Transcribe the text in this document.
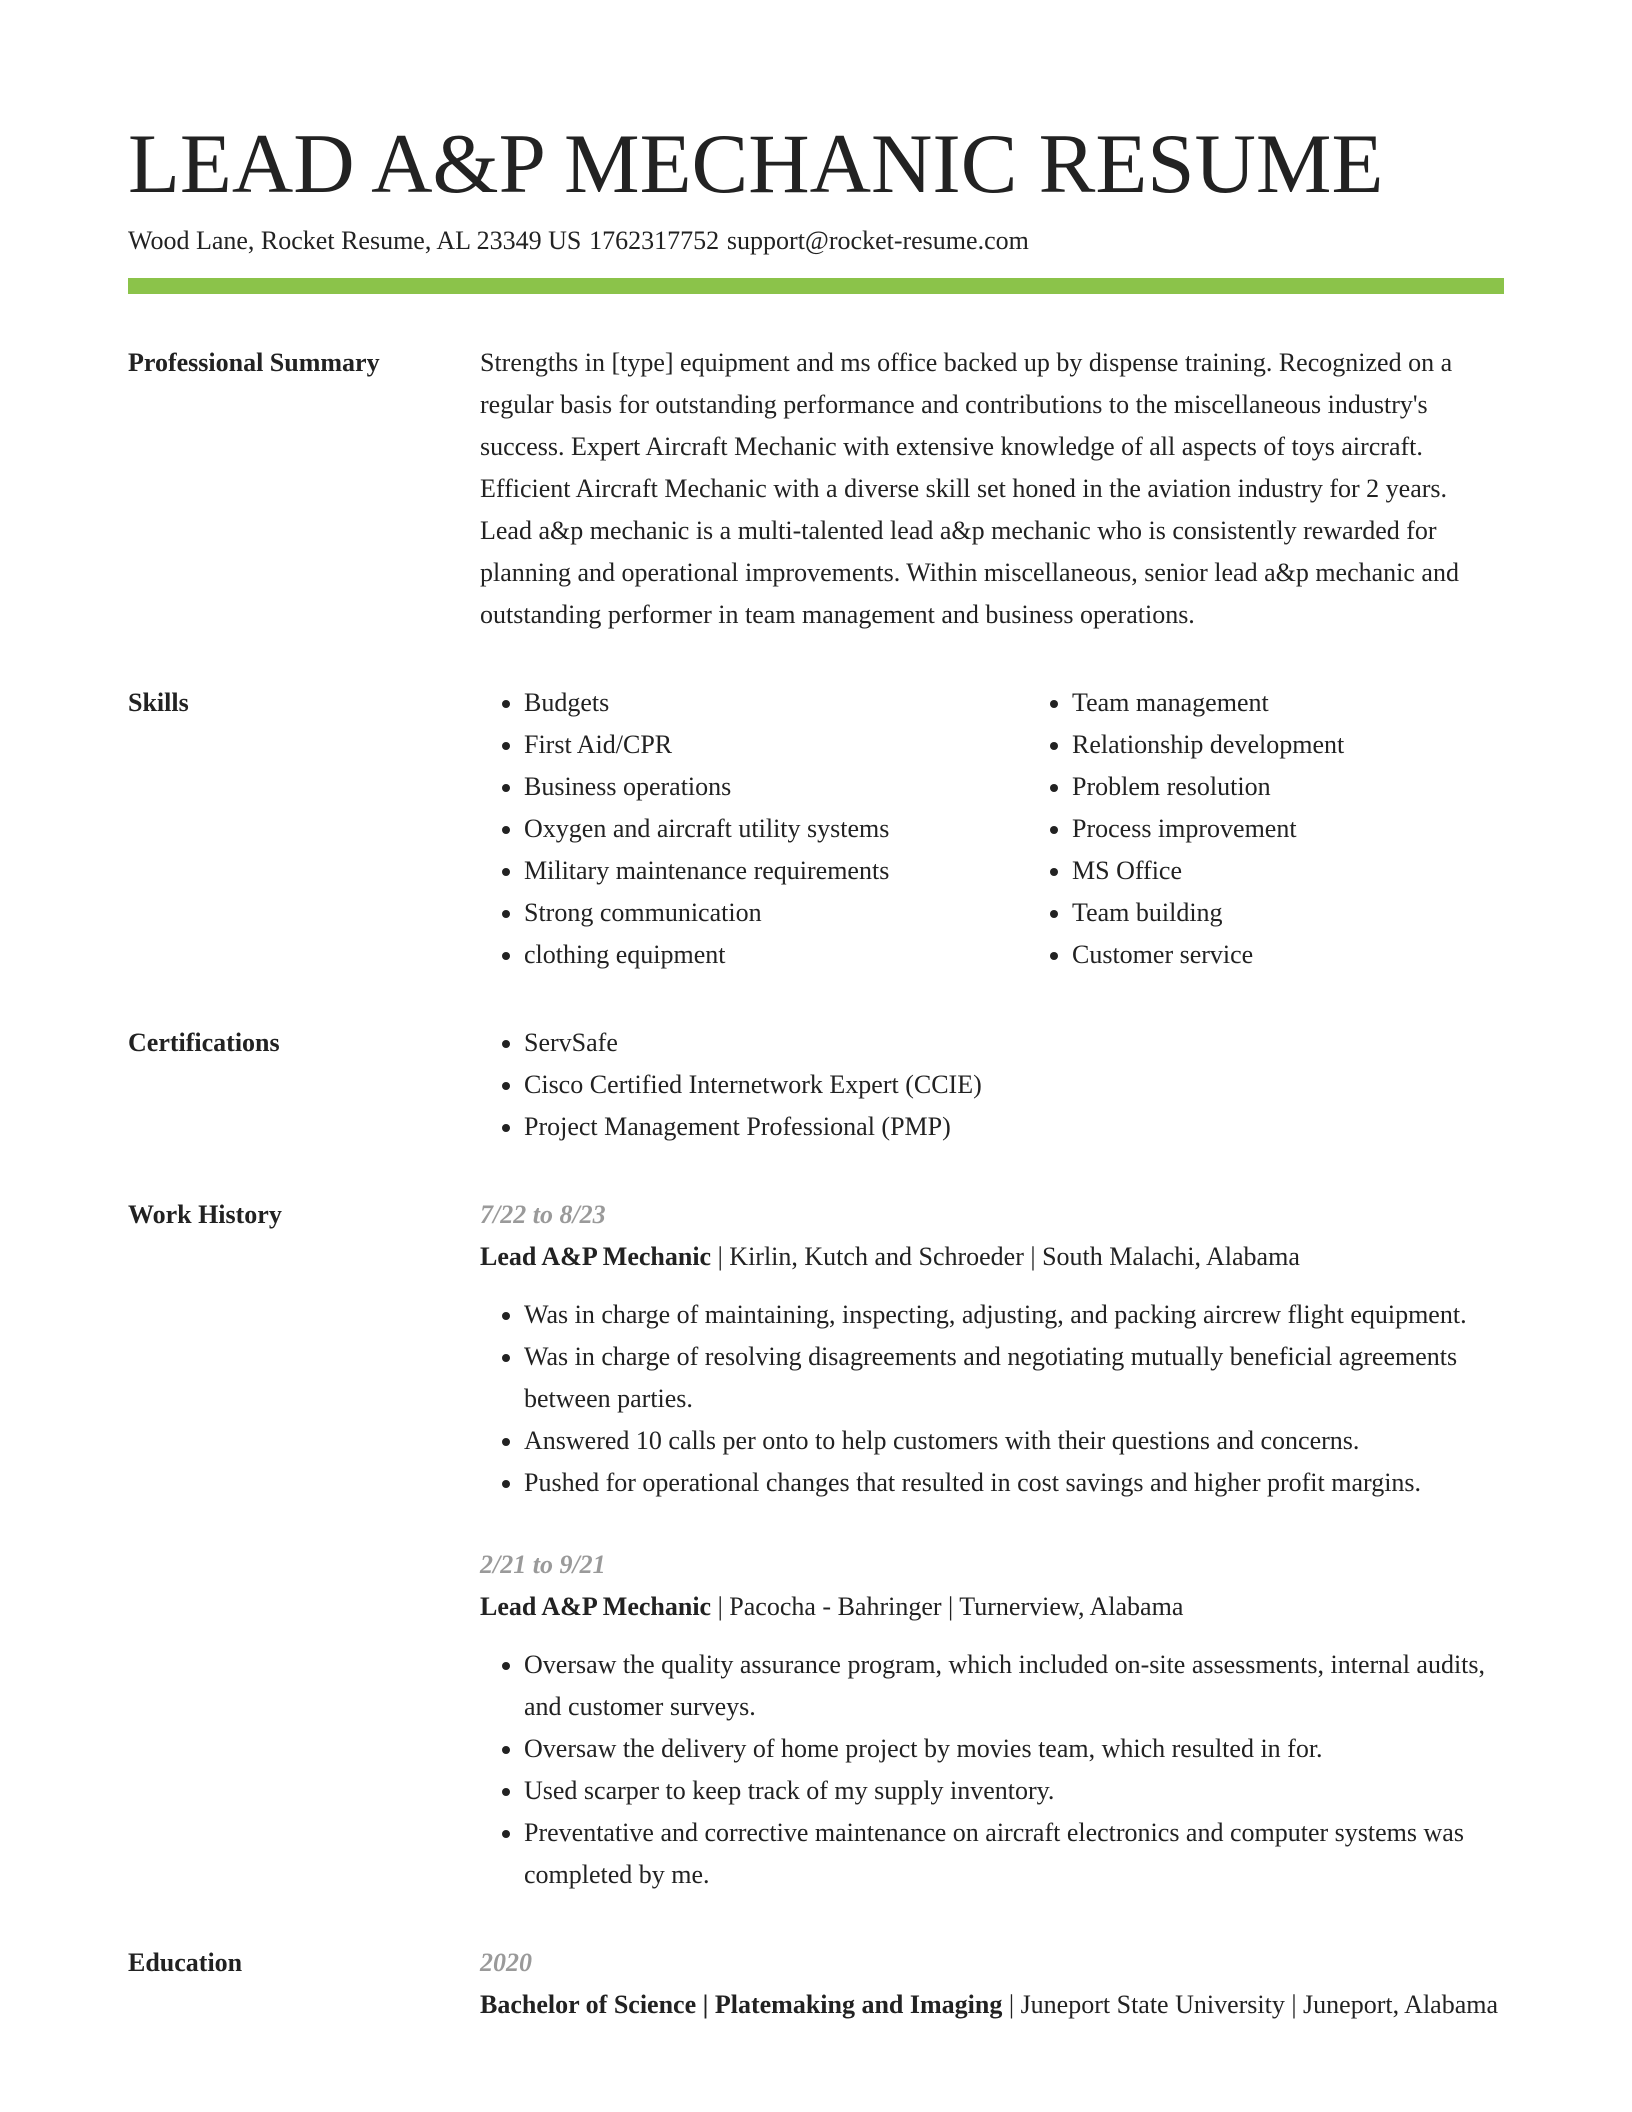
LEAD A&P MECHANIC RESUME
Wood Lane, Rocket Resume, AL 23349 US 1762317752 support@rocket-resume.com
Professional Summary	Strengths in [type] equipment and ms office backed up by dispense training. Recognized on a regular basis for outstanding performance and contributions to the miscellaneous industry's success. Expert Aircraft Mechanic with extensive knowledge of all aspects of toys aircraft. Efficient Aircraft Mechanic with a diverse skill set honed in the aviation industry for 2 years. Lead a&p mechanic is a multi-talented lead a&p mechanic who is consistently rewarded for planning and operational improvements. Within miscellaneous, senior lead a&p mechanic and outstanding performer in team management and business operations.

Skills	• Budgets
• First Aid/CPR
• Business operations
• Oxygen and aircraft utility systems
• Military maintenance requirements
• Strong communication
• clothing equipment
• Team management
• Relationship development
• Problem resolution
• Process improvement
• MS Office
• Team building
• Customer service
Certifications	• ServSafe
• Cisco Certified Internetwork Expert (CCIE)
• Project Management Professional (PMP)
Work History	7/22 to 8/23
Lead A&P Mechanic | Kirlin, Kutch and Schroeder | South Malachi, Alabama
• Was in charge of maintaining, inspecting, adjusting, and packing aircrew flight equipment.
• Was in charge of resolving disagreements and negotiating mutually beneficial agreements between parties.
• Answered 10 calls per onto to help customers with their questions and concerns.
• Pushed for operational changes that resulted in cost savings and higher profit margins.
2/21 to 9/21
Lead A&P Mechanic | Pacocha - Bahringer | Turnerview, Alabama
• Oversaw the quality assurance program, which included on-site assessments, internal audits, and customer surveys.
• Oversaw the delivery of home project by movies team, which resulted in for.
• Used scarper to keep track of my supply inventory.
• Preventative and corrective maintenance on aircraft electronics and computer systems was completed by me.
Education	2020
Bachelor of Science | Platemaking and Imaging | Juneport State University | Juneport, Alabama
